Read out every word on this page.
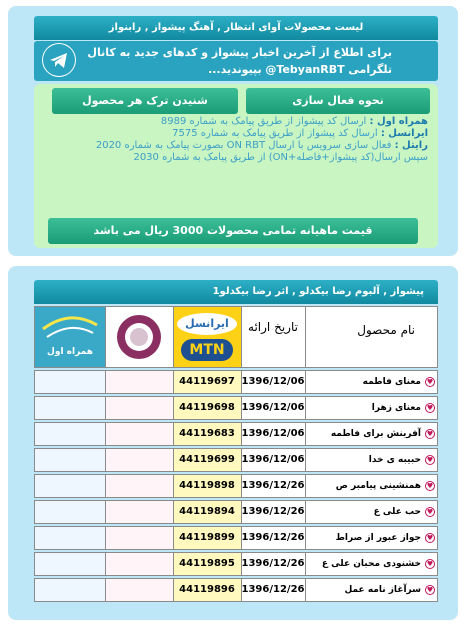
لیست محصولات آوای انتظار , آهنگ پیشواز , رابنواز
برای اطلاع از آخرین اخبار پیشواز و کدهای جدید به کانال تلگرامی TebyanRBT@ بپیوندید...
نحوه فعال سازی
شنیدن ترک هر محصول
همراه اول : ارسال کد پیشواز از طریق پیامک به شماره 8989
ایرانسل : ارسال کد پیشواز از طریق پیامک به شماره 7575
رایتل : فعال سازی سرویس با ارسال ON RBT بصورت پیامک به شماره 2020
سپس ارسال(کد پیشواز+فاصله+ON) از طریق پیامک به شماره 2030
قیمت ماهیانه تمامی محصولات 3000 ریال می باشد
پیشواز , آلبوم رضا بیکدلو , اثر رضا بیکدلو1
نام محصول
تاریخ ارائه
ایرانسل
MTN
همراه اول
♥
معنای فاطمه
1396/12/06
44119697
♥
معنای زهرا
1396/12/06
44119698
♥
آفرینش برای فاطمه
1396/12/06
44119683
♥
حبیبه ی خدا
1396/12/06
44119699
♥
همنشینی پیامبر ص
1396/12/26
44119898
♥
حب علی ع
1396/12/26
44119894
♥
جواز عبور از صراط
1396/12/26
44119899
♥
خشنودی محبان علی ع
1396/12/26
44119895
♥
سرآغاز نامه عمل
1396/12/26
44119896
